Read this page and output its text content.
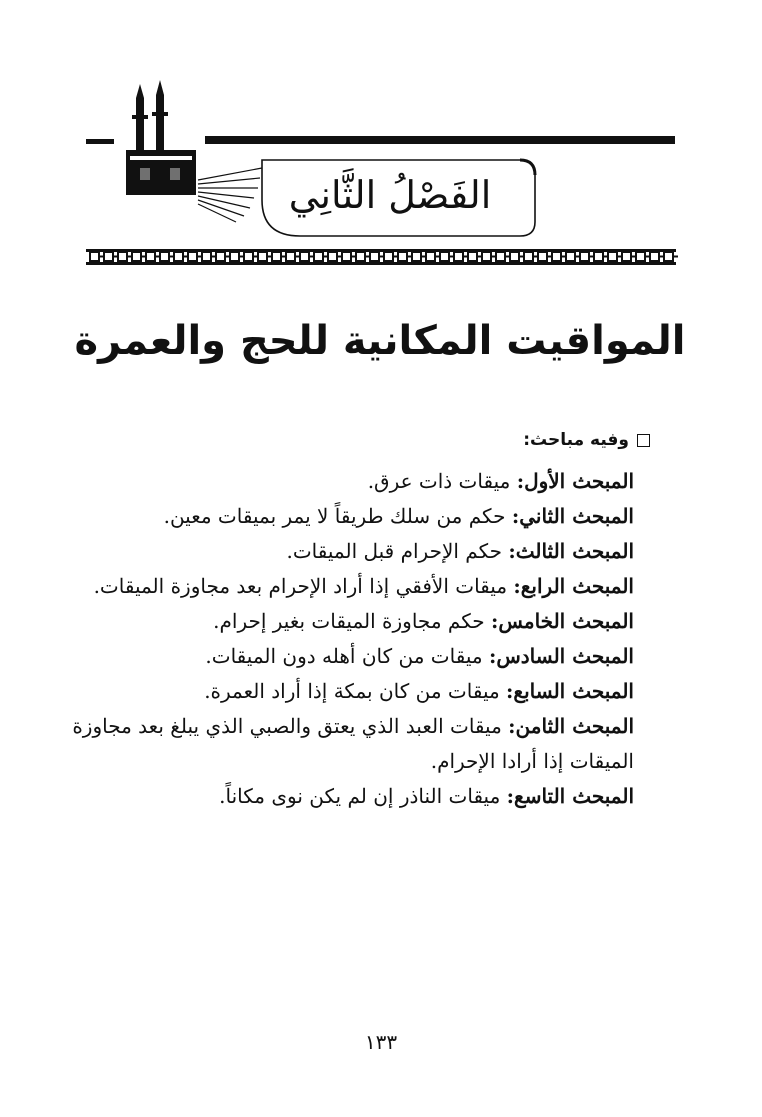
الفَصْلُ الثَّانِي
المواقيت المكانية للحج والعمرة
وفيه مباحث:
المبحث الأول: ميقات ذات عرق.
المبحث الثاني: حكم من سلك طريقاً لا يمر بميقات معين.
المبحث الثالث: حكم الإحرام قبل الميقات.
المبحث الرابع: ميقات الأفقي إذا أراد الإحرام بعد مجاوزة الميقات.
المبحث الخامس: حكم مجاوزة الميقات بغير إحرام.
المبحث السادس: ميقات من كان أهله دون الميقات.
المبحث السابع: ميقات من كان بمكة إذا أراد العمرة.
المبحث الثامن: ميقات العبد الذي يعتق والصبي الذي يبلغ بعد مجاوزة الميقات إذا أرادا الإحرام.
المبحث التاسع: ميقات الناذر إن لم يكن نوى مكاناً.
١٣٣
